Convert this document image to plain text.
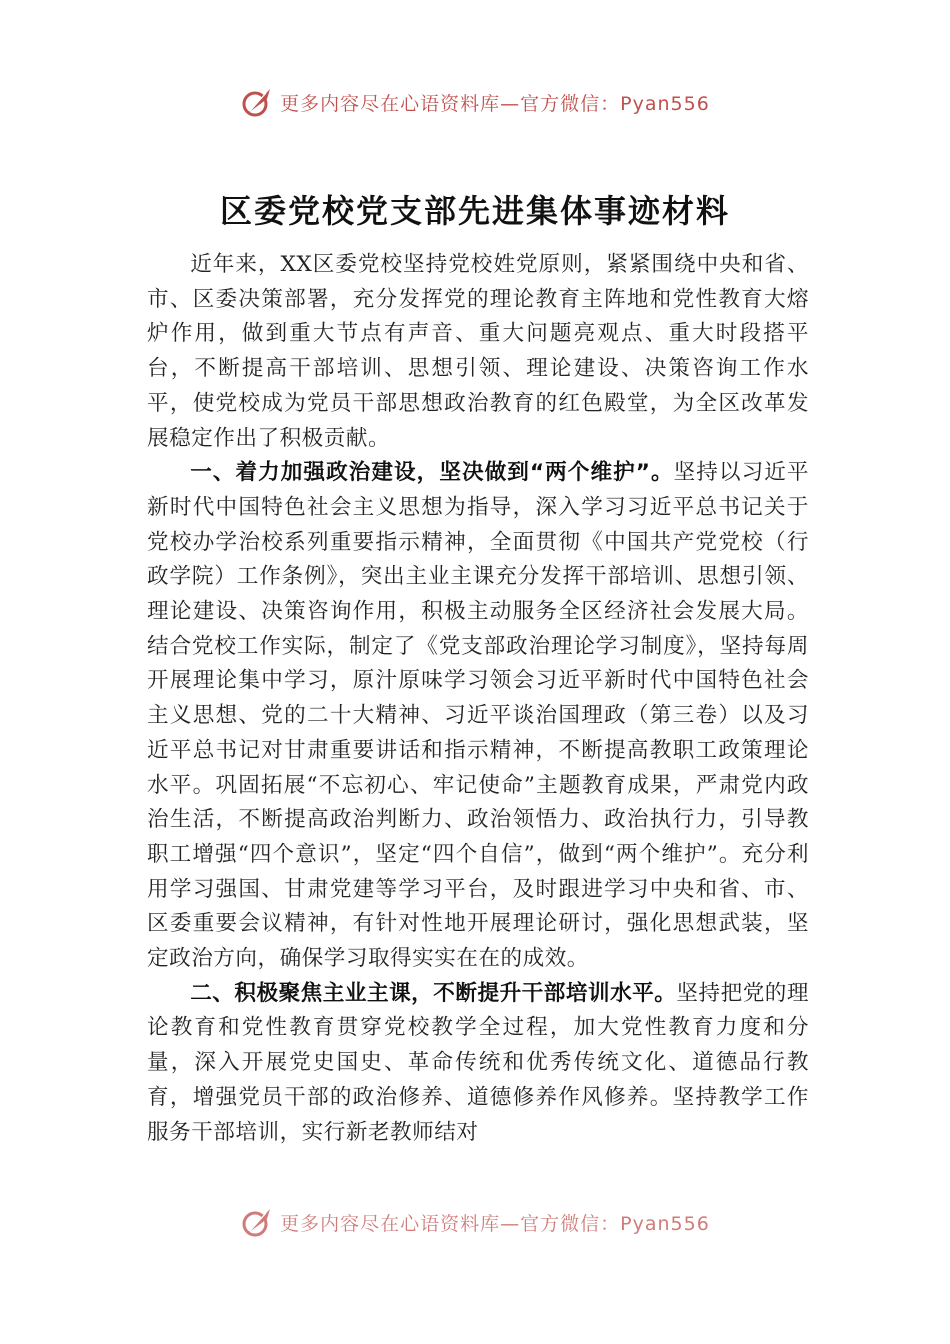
更多内容尽在心语资料库—官方微信：Pyan556
区委党校党支部先进集体事迹材料

近年来，XX区委党校坚持党校姓党原则，紧紧围绕中央和省、市、区委决策部署，充分发挥党的理论教育主阵地和党性教育大熔炉作用，做到重大节点有声音、重大问题亮观点、重大时段搭平台，不断提高干部培训、思想引领、理论建设、决策咨询工作水平，使党校成为党员干部思想政治教育的红色殿堂，为全区改革发展稳定作出了积极贡献。

一、着力加强政治建设，坚决做到“两个维护”。坚持以习近平新时代中国特色社会主义思想为指导，深入学习习近平总书记关于党校办学治校系列重要指示精神，全面贯彻《中国共产党党校（行政学院）工作条例》，突出主业主课充分发挥干部培训、思想引领、理论建设、决策咨询作用，积极主动服务全区经济社会发展大局。结合党校工作实际，制定了《党支部政治理论学习制度》，坚持每周开展理论集中学习，原汁原味学习领会习近平新时代中国特色社会主义思想、党的二十大精神、习近平谈治国理政（第三卷）以及习近平总书记对甘肃重要讲话和指示精神，不断提高教职工政策理论水平。巩固拓展“不忘初心、牢记使命”主题教育成果，严肃党内政治生活，不断提高政治判断力、政治领悟力、政治执行力，引导教职工增强“四个意识”，坚定“四个自信”，做到“两个维护”。充分利用学习强国、甘肃党建等学习平台，及时跟进学习中央和省、市、区委重要会议精神，有针对性地开展理论研讨，强化思想武装，坚定政治方向，确保学习取得实实在在的成效。

二、积极聚焦主业主课，不断提升干部培训水平。坚持把党的理论教育和党性教育贯穿党校教学全过程，加大党性教育力度和分量，深入开展党史国史、革命传统和优秀传统文化、道德品行教育，增强党员干部的政治修养、道德修养作风修养。坚持教学工作服务干部培训，实行新老教师结对

更多内容尽在心语资料库—官方微信：Pyan556
